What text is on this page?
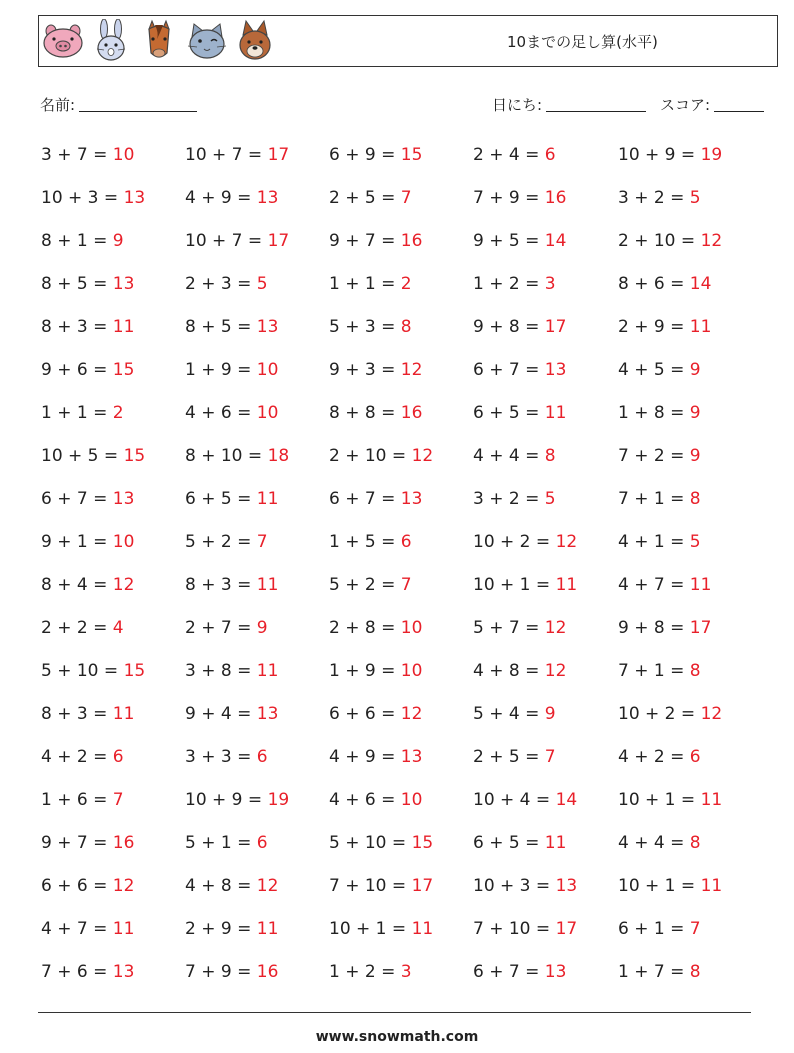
10までの足し算(水平)
名前:	日にち:	スコア:
3 + 7 = 10
10 + 3 = 13
8 + 1 = 9
8 + 5 = 13
8 + 3 = 11
9 + 6 = 15
1 + 1 = 2
10 + 5 = 15
6 + 7 = 13
9 + 1 = 10
8 + 4 = 12
2 + 2 = 4
5 + 10 = 15
8 + 3 = 11
4 + 2 = 6
1 + 6 = 7
9 + 7 = 16
6 + 6 = 12
4 + 7 = 11
7 + 6 = 13
10 + 7 = 17
4 + 9 = 13
10 + 7 = 17
2 + 3 = 5
8 + 5 = 13
1 + 9 = 10
4 + 6 = 10
8 + 10 = 18
6 + 5 = 11
5 + 2 = 7
8 + 3 = 11
2 + 7 = 9
3 + 8 = 11
9 + 4 = 13
3 + 3 = 6
10 + 9 = 19
5 + 1 = 6
4 + 8 = 12
2 + 9 = 11
7 + 9 = 16
6 + 9 = 15
2 + 5 = 7
9 + 7 = 16
1 + 1 = 2
5 + 3 = 8
9 + 3 = 12
8 + 8 = 16
2 + 10 = 12
6 + 7 = 13
1 + 5 = 6
5 + 2 = 7
2 + 8 = 10
1 + 9 = 10
6 + 6 = 12
4 + 9 = 13
4 + 6 = 10
5 + 10 = 15
7 + 10 = 17
10 + 1 = 11
1 + 2 = 3
2 + 4 = 6
7 + 9 = 16
9 + 5 = 14
1 + 2 = 3
9 + 8 = 17
6 + 7 = 13
6 + 5 = 11
4 + 4 = 8
3 + 2 = 5
10 + 2 = 12
10 + 1 = 11
5 + 7 = 12
4 + 8 = 12
5 + 4 = 9
2 + 5 = 7
10 + 4 = 14
6 + 5 = 11
10 + 3 = 13
7 + 10 = 17
6 + 7 = 13
10 + 9 = 19
3 + 2 = 5
2 + 10 = 12
8 + 6 = 14
2 + 9 = 11
4 + 5 = 9
1 + 8 = 9
7 + 2 = 9
7 + 1 = 8
4 + 1 = 5
4 + 7 = 11
9 + 8 = 17
7 + 1 = 8
10 + 2 = 12
4 + 2 = 6
10 + 1 = 11
4 + 4 = 8
10 + 1 = 11
6 + 1 = 7
1 + 7 = 8
www.snowmath.com
